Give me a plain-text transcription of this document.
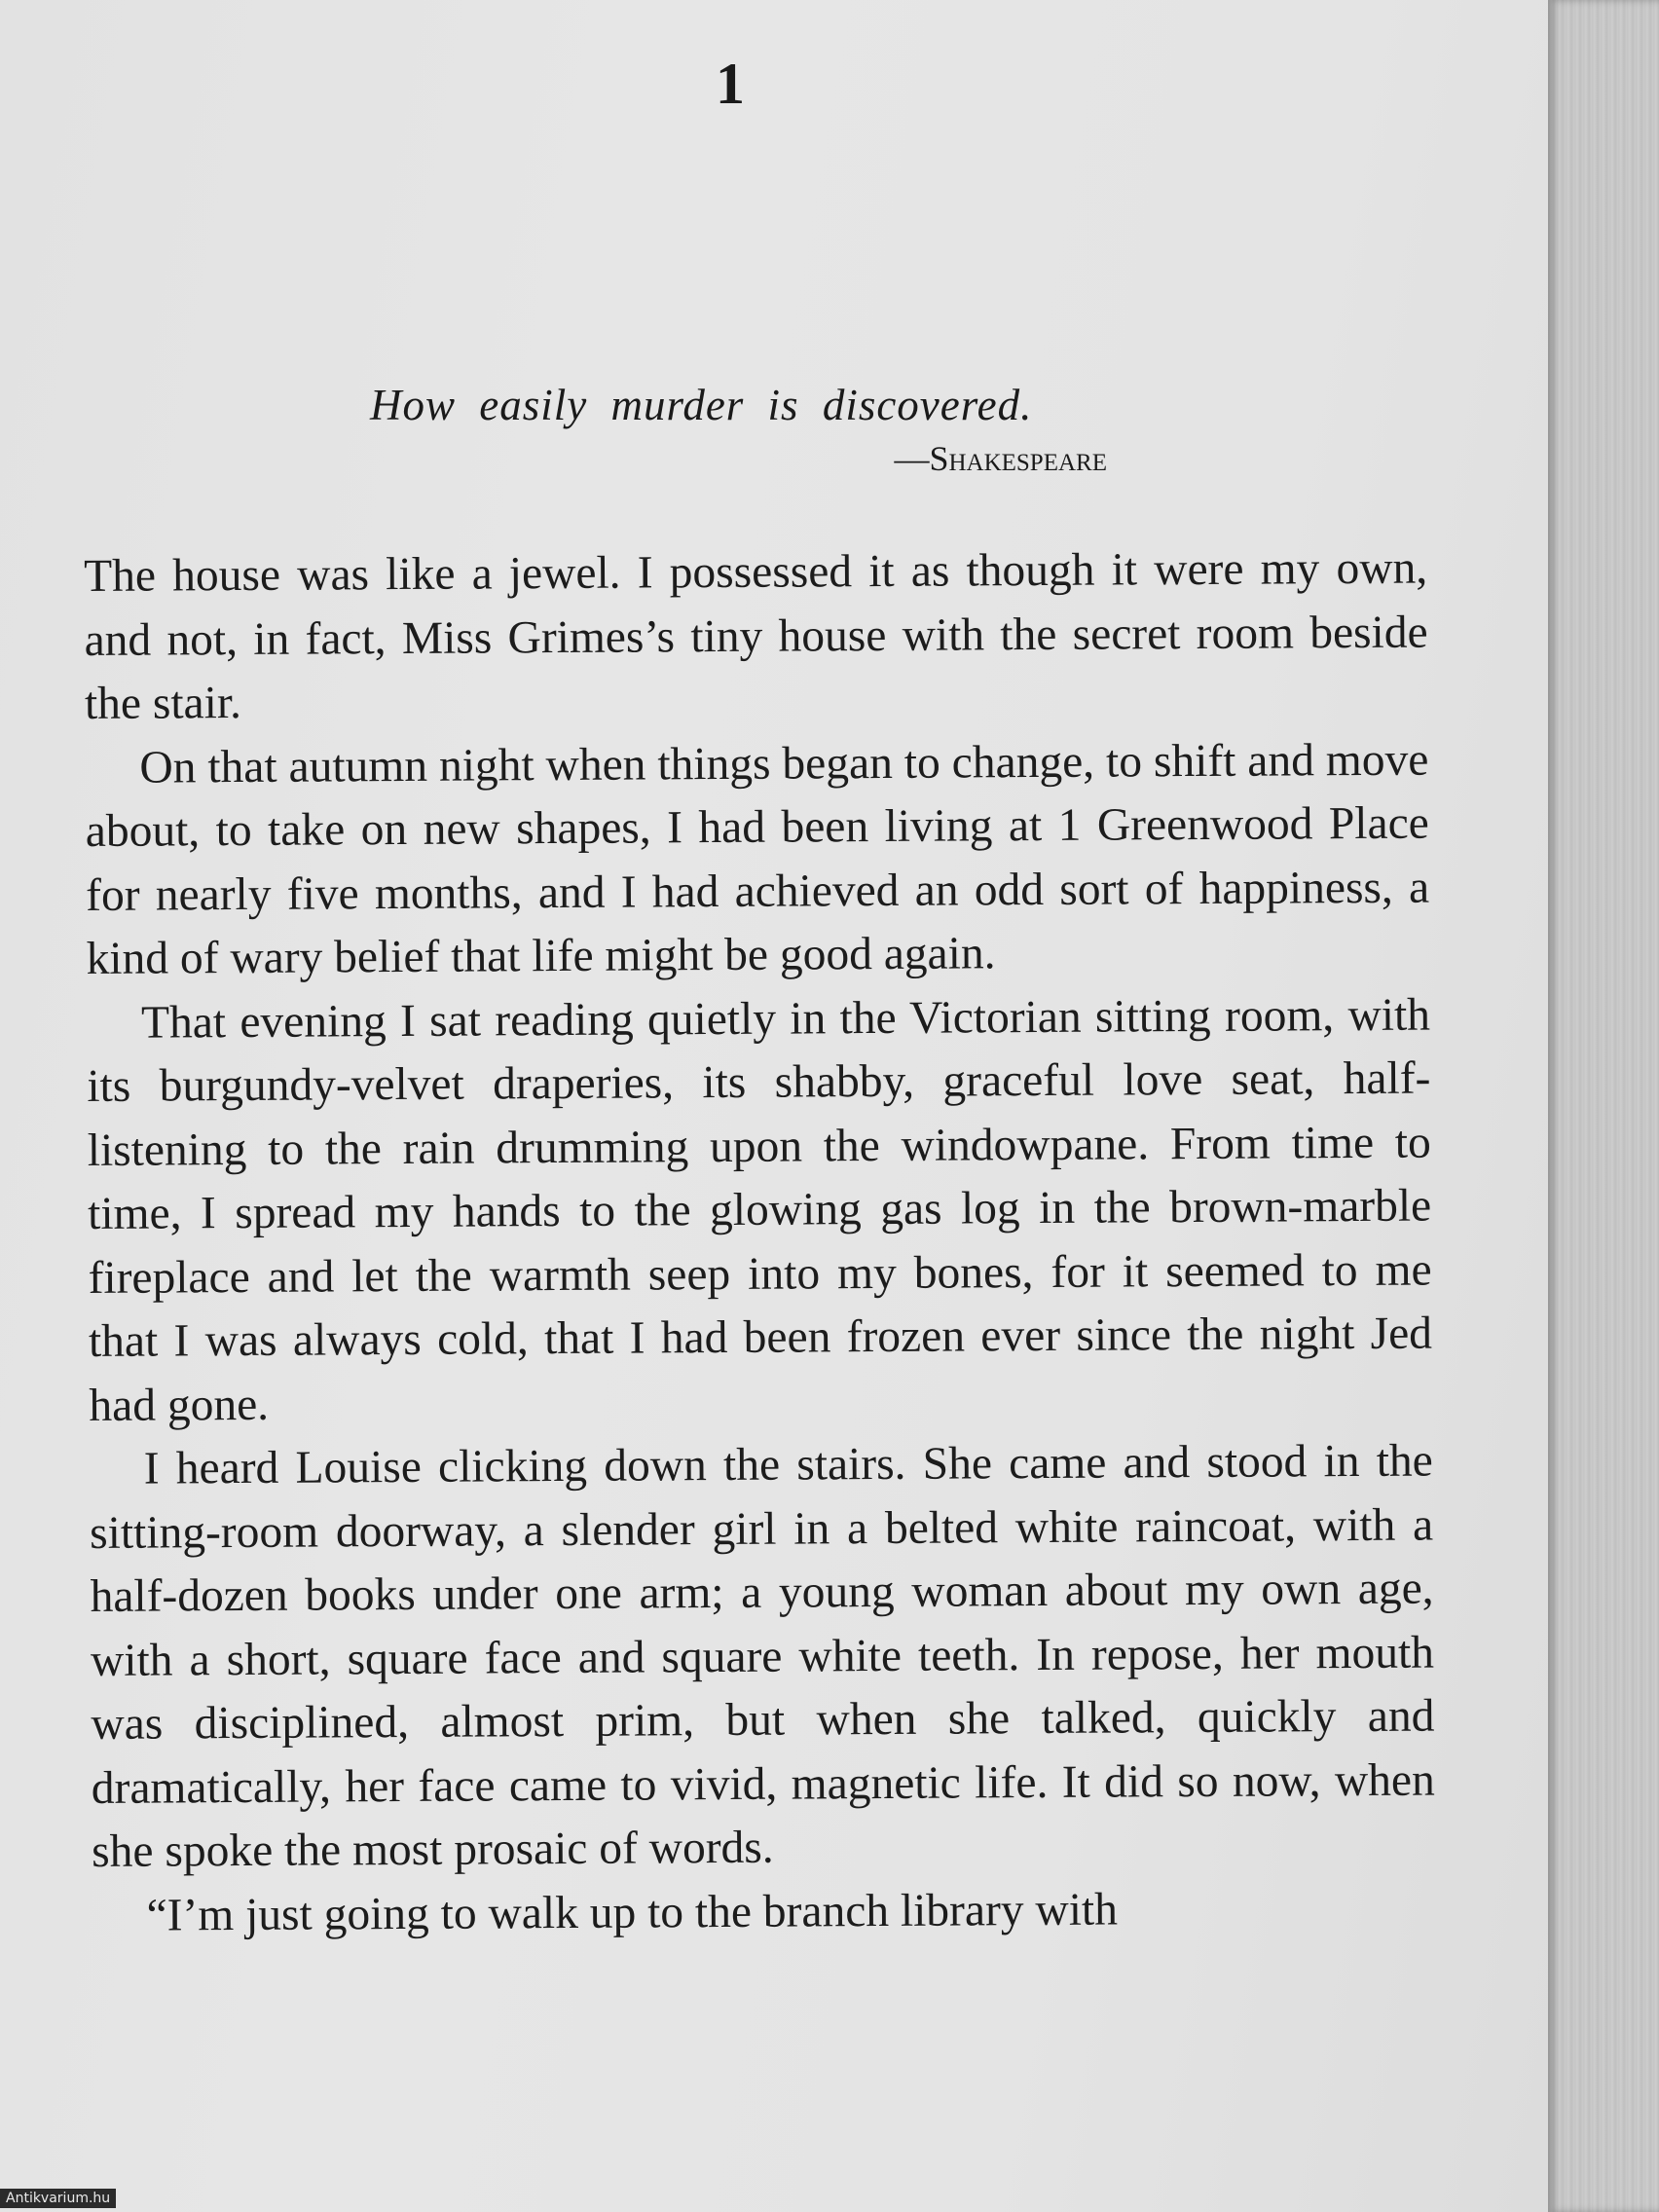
1
How easily murder is discovered.
—Shakespeare

The house was like a jewel. I possessed it as though it were my own, and not, in fact, Miss Grimes’s tiny house with the secret room beside the stair.

On that autumn night when things began to change, to shift and move about, to take on new shapes, I had been living at 1 Greenwood Place for nearly five months, and I had achieved an odd sort of happiness, a kind of wary belief that life might be good again.

That evening I sat reading quietly in the Victorian sitting room, with its burgundy-velvet draperies, its shabby, graceful love seat, half-listening to the rain drumming upon the windowpane. From time to time, I spread my hands to the glowing gas log in the brown-marble fireplace and let the warmth seep into my bones, for it seemed to me that I was always cold, that I had been frozen ever since the night Jed had gone.

I heard Louise clicking down the stairs. She came and stood in the sitting-room doorway, a slender girl in a belted white raincoat, with a half-dozen books under one arm; a young woman about my own age, with a short, square face and square white teeth. In repose, her mouth was disciplined, almost prim, but when she talked, quickly and dramatically, her face came to vivid, magnetic life. It did so now, when she spoke the most prosaic of words.

“I’m just going to walk up to the branch library with

Antikvarium.hu
